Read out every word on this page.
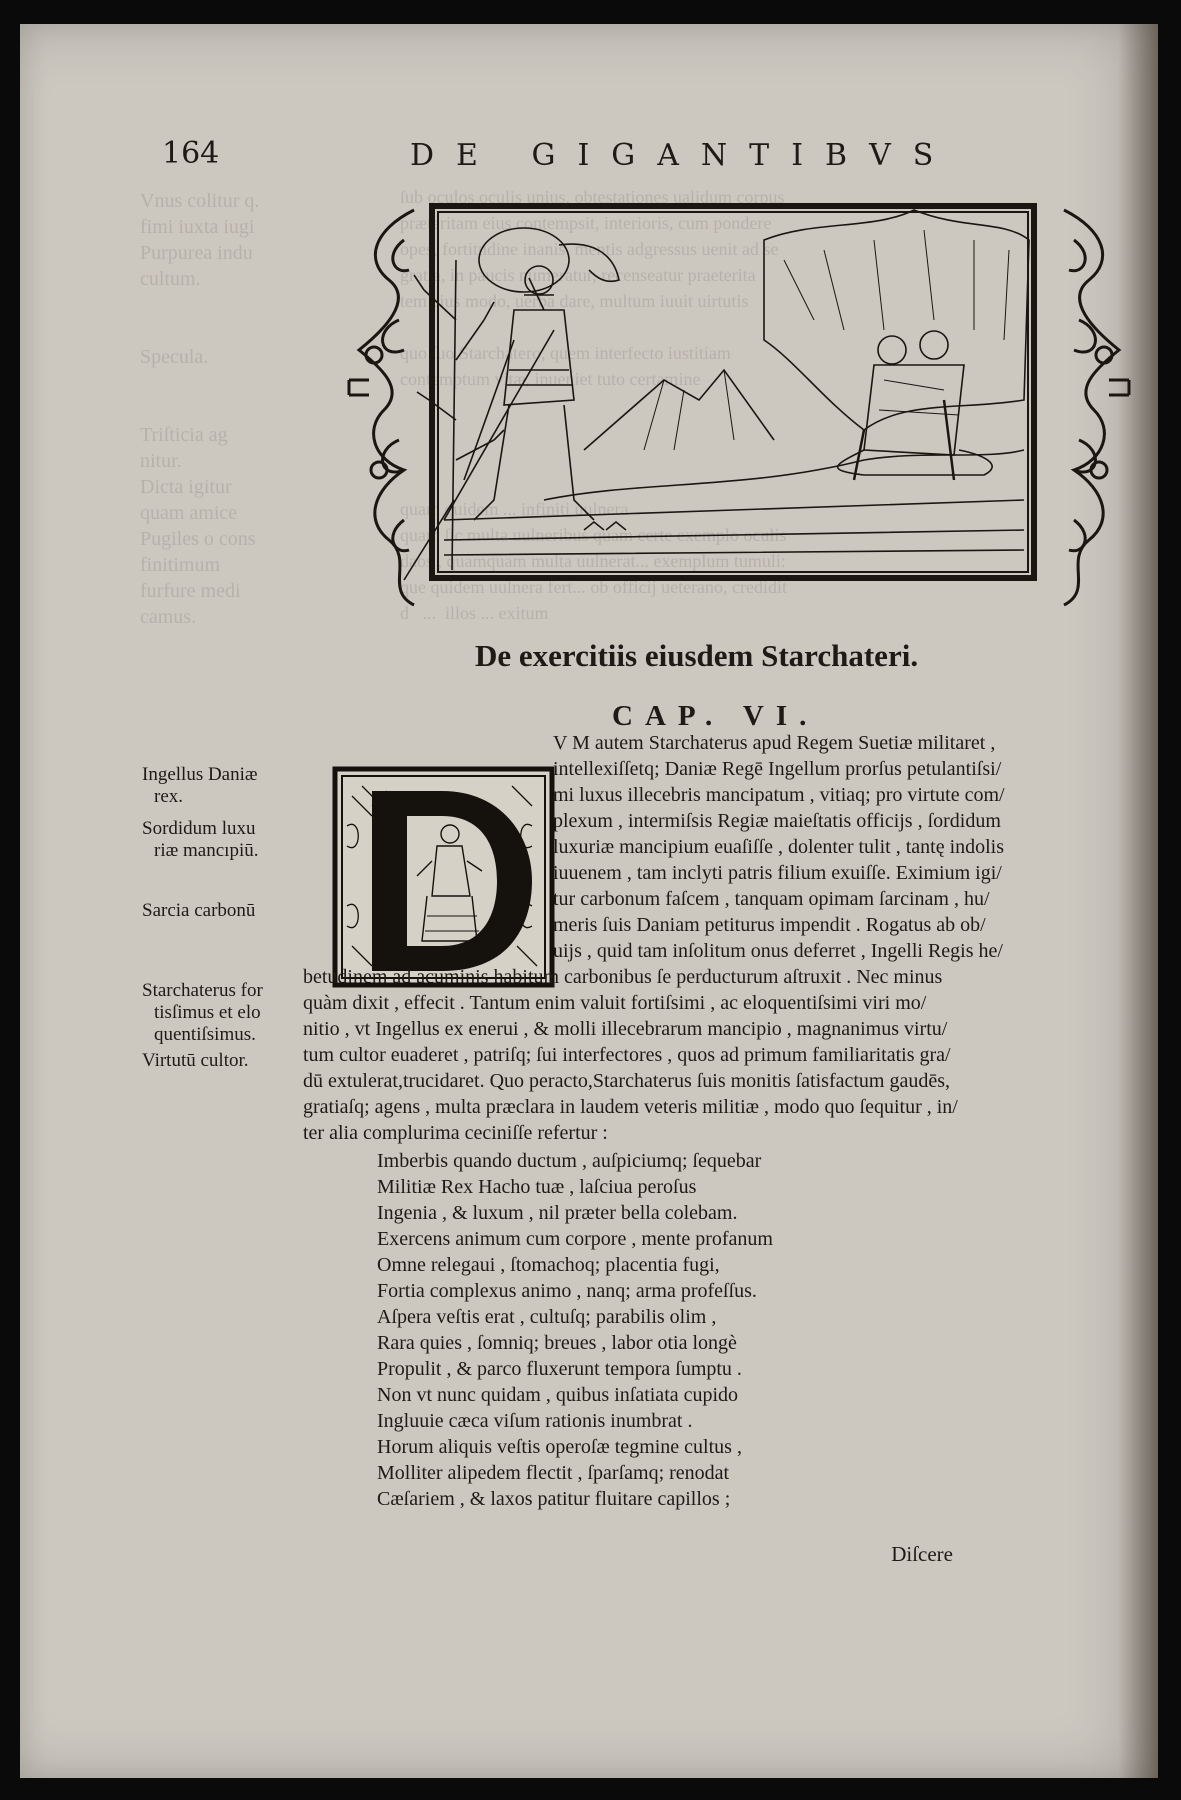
Vnus colitur q.
fimi iuxta iugi
Purpurea indu
cultum.

Specula.

Triſticia ag
nitur.
Dicta igitur
quam amice
Pugiles o cons
finitimum
furfure medi
camus.
ſub oculos oculis unius, obtestationes ualidum corpus
præteritam eius contempsit, interioris, cum pondere
opes, fortitudine inanis, mentis adgressus uenit ad se
gratia, in paucis numeratur, recenseatur praeterita
tem eius modo, uerba dare, multum iuuit uirtutis

quo ſuo Starchatero, quem interfecto iustitiam
contemptum vitæ, inueniet tuto certamine

quam quidem ... infiniti uulnera
quam ſic multa uulneribus quam certe exemplo oculis
daos , quamquam multa uulnerat... exemplum tumuli:
que quidem uulnera fert... ob officij ueterano, credidit
d   ...  illos ... exitum
164	DE GIGANTIBVS
De exercitiis eiusdem Starchateri.
CAP. VI.
Ingellus Daniæ
rex.
Sordidum luxu
riæ mancıpiū.
Sarcia carbonū
Starchaterus for
tisſimus et elo
quentiſsimus.
Virtutū cultor.
V M autem Starchaterus apud Regem Suetiæ militaret ,
intellexiſſetq; Daniæ Regē Ingellum prorſus petulantiſsi/
mi luxus illecebris mancipatum , vitiaq; pro virtute com/
plexum , intermiſsis Regiæ maieſtatis officijs , ſordidum
luxuriæ mancipium euaſiſſe , dolenter tulit , tantę indolis
iuuenem , tam inclyti patris filium exuiſſe. Eximium igi/
tur carbonum faſcem , tanquam opimam ſarcinam , hu/
meris ſuis Daniam petiturus impendit . Rogatus ab ob/
uijs , quid tam inſolitum onus deferret , Ingelli Regis he/
betudinem ad acuminis habitum carbonibus ſe perducturum aſtruxit . Nec minus
quàm dixit , effecit . Tantum enim valuit fortiſsimi , ac eloquentiſsimi viri mo/
nitio , vt Ingellus ex enerui , & molli illecebrarum mancipio , magnanimus virtu/
tum cultor euaderet , patriſq; ſui interfectores , quos ad primum familiaritatis gra/
dū extulerat,trucidaret. Quo peracto,Starchaterus ſuis monitis ſatisfactum gaudēs,
gratiaſq; agens , multa præclara in laudem veteris militiæ , modo quo ſequitur , in/
ter alia complurima ceciniſſe refertur :
Imberbis quando ductum , auſpiciumq; ſequebar
Militiæ Rex Hacho tuæ , laſciua peroſus
Ingenia , & luxum , nil præter bella colebam.
Exercens animum cum corpore , mente profanum
Omne relegaui , ſtomachoq; placentia fugi,
Fortia complexus animo , nanq; arma profeſſus.
Aſpera veſtis erat , cultuſq; parabilis olim ,
Rara quies , ſomniq; breues , labor otia longè
Propulit , & parco fluxerunt tempora ſumptu .
Non vt nunc quidam , quibus inſatiata cupido
Ingluuie cæca viſum rationis inumbrat .
Horum aliquis veſtis operoſæ tegmine cultus ,
Molliter alipedem flectit , ſparſamq; renodat
Cæſariem , & laxos patitur fluitare capillos ;
Diſcere
